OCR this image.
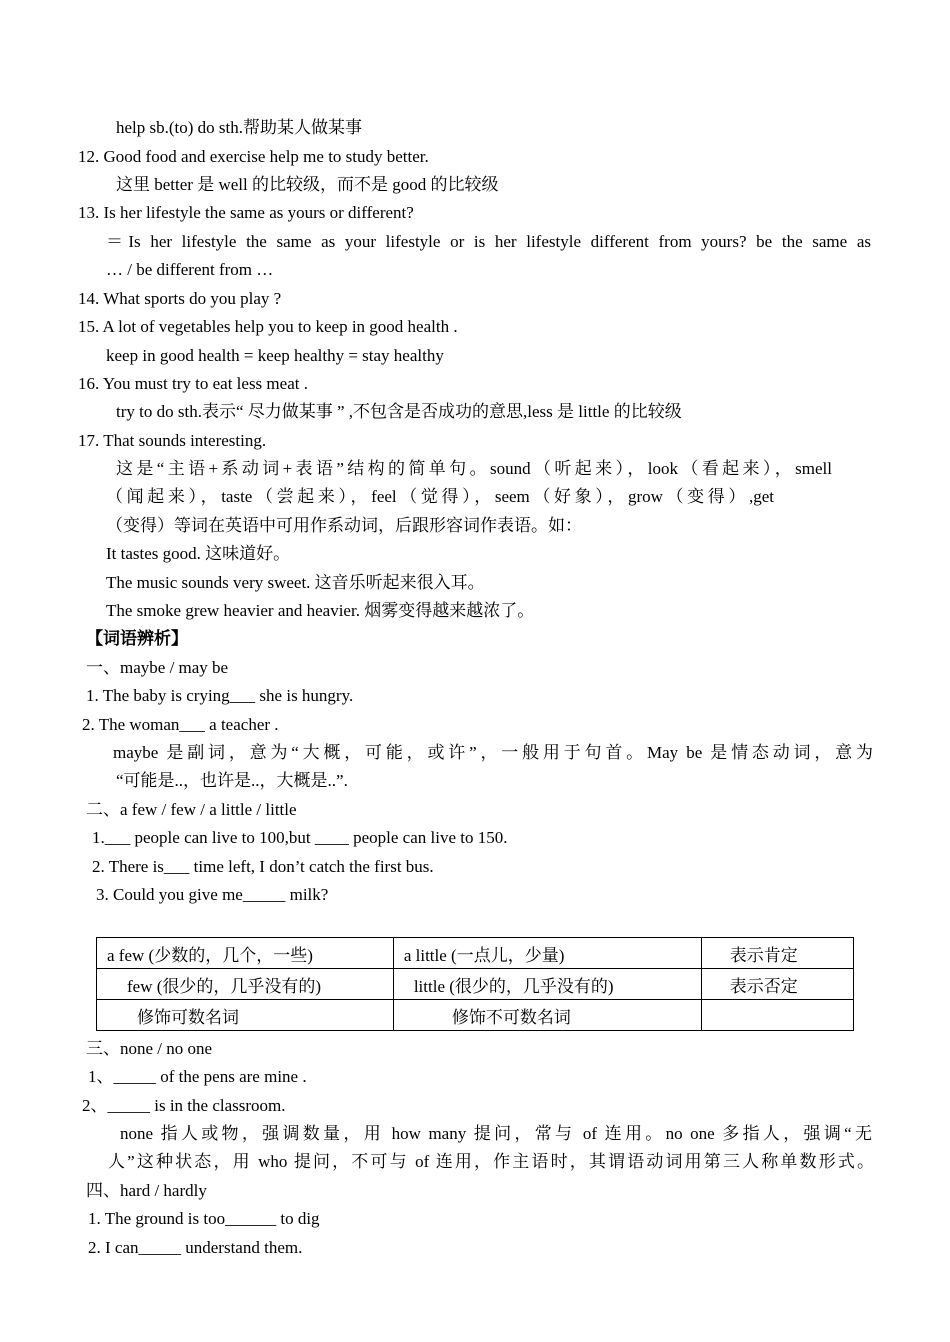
help sb.(to) do sth.帮助某人做某事
12. Good food and exercise help me to study better.
这里 better 是 well 的比较级，而不是 good 的比较级
13. Is her lifestyle the same as yours or different?
＝Is her lifestyle the same as your lifestyle or is her lifestyle different from yours? be the same as
… / be different from …
14. What sports do you play ?
15. A lot of vegetables help you to keep in good health .
keep in good health = keep healthy = stay healthy
16. You must try to eat less meat .
try to do sth.表示“ 尽力做某事 ” ,不包含是否成功的意思,less 是 little 的比较级
17. That sounds interesting.
这是“主语+系动词+表语”结构的简单句。sound（听起来），look（看起来），smell
（闻起来），taste（尝起来），feel（觉得），seem（好象），grow（变得）,get
（变得）等词在英语中可用作系动词，后跟形容词作表语。如：
It tastes good. 这味道好。
The music sounds very sweet. 这音乐听起来很入耳。
The smoke grew heavier and heavier. 烟雾变得越来越浓了。
【词语辨析】
一、maybe / may be
1. The baby is crying___ she is hungry.
2. The woman___ a teacher .
maybe 是副词，意为“大概，可能，或许”，一般用于句首。May be 是情态动词，意为
“可能是..，也许是..，大概是..”.
二、a few / few / a little / little
1.___ people can live to 100,but ____ people can live to 150.
2. There is___ time left, I don’t catch the first bus.
3. Could you give me_____ milk?
a few (少数的，几个，一些)	a little (一点儿，少量)	表示肯定
few (很少的，几乎没有的)	little (很少的，几乎没有的)	表示否定
修饰可数名词	修饰不可数名词	
三、none / no one
1、_____ of the pens are mine .
2、_____ is in the classroom.
none 指人或物，强调数量，用 how many 提问，常与 of 连用。no one 多指人，强调“无
人”这种状态，用 who 提问，不可与 of 连用，作主语时，其谓语动词用第三人称单数形式。
四、hard / hardly
1. The ground is too______ to dig
2. I can_____ understand them.
